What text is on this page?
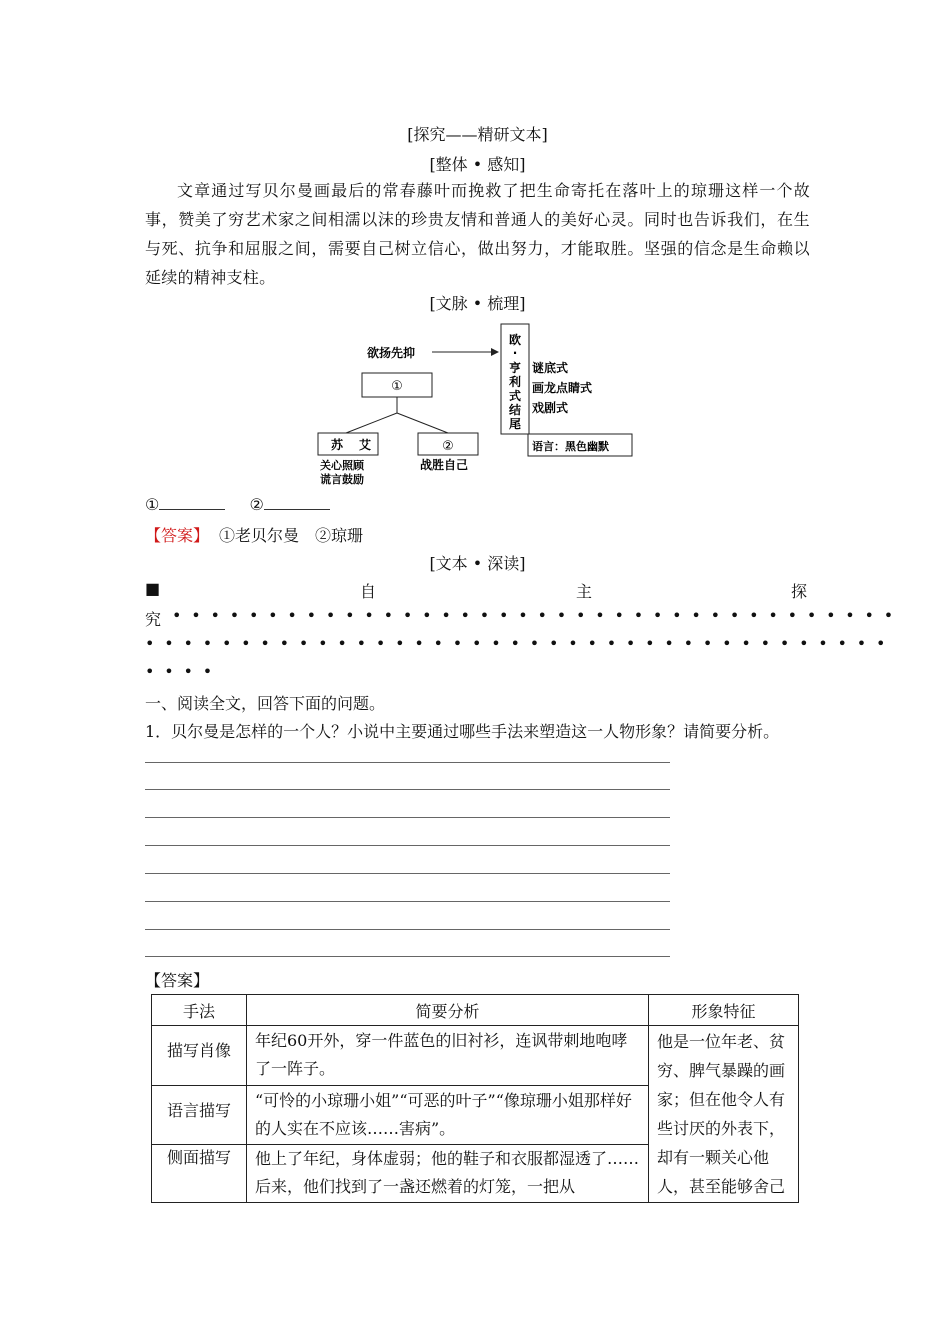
[探究——精研文本]
[整体 • 感知]
文章通过写贝尔曼画最后的常春藤叶而挽救了把生命寄托在落叶上的琼珊这样一个故事，赞美了穷艺术家之间相濡以沫的珍贵友情和普通人的美好心灵。同时也告诉我们，在生与死、抗争和屈服之间，需要自己树立信心，做出努力，才能取胜。坚强的信念是生命赖以延续的精神支柱。
[文脉 • 梳理]
欲扬先抑
①
苏 艾
关心照顾
谎言鼓励
②
战胜自己
欧
·
亨
利
式
结
尾
谜底式
画龙点睛式
戏剧式
语言：黑色幽默
①	②
【答案】 ①老贝尔曼　②琼珊
[文本 • 深读]
■	自	主	探
究 ••••••••••••••••••••••••••••••••••••••
•••••••••••••••••••••••••••••••••••••••
••••
一、阅读全文，回答下面的问题。
1．贝尔曼是怎样的一个人？小说中主要通过哪些手法来塑造这一人物形象？请简要分析。
【答案】
手法	简要分析	形象特征
描写肖像	年纪60开外，穿一件蓝色的旧衬衫，连讽带刺地咆哮了一阵子。	他是一位年老、贫穷、脾气暴躁的画家；但在他令人有些讨厌的外表下，却有一颗关心他人，甚至能够舍己
语言描写	“可怜的小琼珊小姐”“可恶的叶子”“像琼珊小姐那样好的人实在不应该……害病”。	
侧面描写	他上了年纪，身体虚弱；他的鞋子和衣服都湿透了……后来，他们找到了一盏还燃着的灯笼，一把从	
